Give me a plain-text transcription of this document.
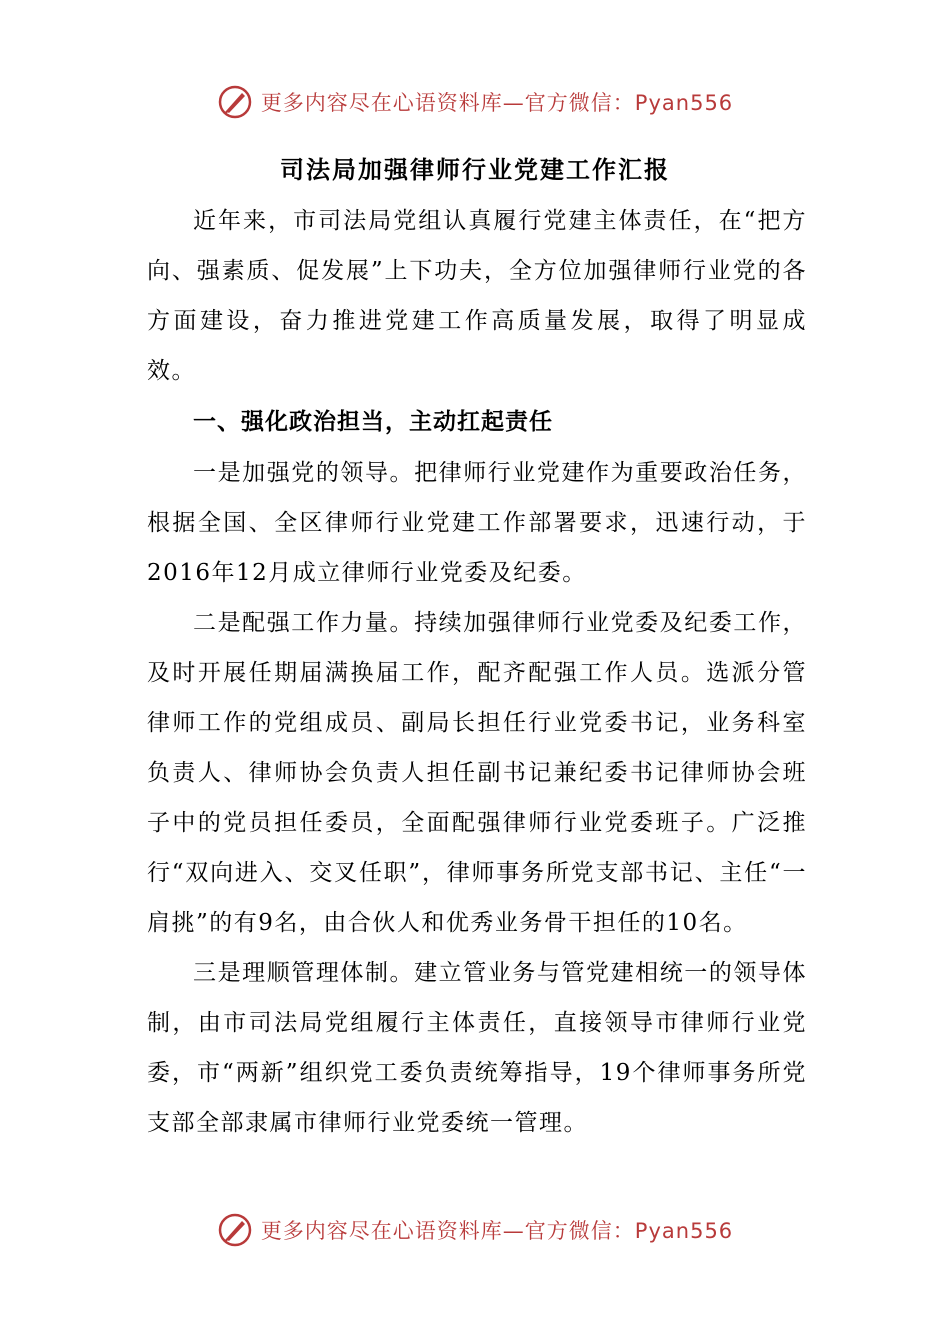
更多内容尽在心语资料库—官方微信：Pyan556
司法局加强律师行业党建工作汇报

近年来，市司法局党组认真履行党建主体责任，在“把方向、强素质、促发展”上下功夫，全方位加强律师行业党的各方面建设，奋力推进党建工作高质量发展，取得了明显成效。

一、强化政治担当，主动扛起责任

一是加强党的领导。把律师行业党建作为重要政治任务，根据全国、全区律师行业党建工作部署要求，迅速行动，于2016年12月成立律师行业党委及纪委。

二是配强工作力量。持续加强律师行业党委及纪委工作，及时开展任期届满换届工作，配齐配强工作人员。选派分管律师工作的党组成员、副局长担任行业党委书记，业务科室负责人、律师协会负责人担任副书记兼纪委书记律师协会班子中的党员担任委员，全面配强律师行业党委班子。广泛推行“双向进入、交叉任职”，律师事务所党支部书记、主任“一肩挑”的有9名，由合伙人和优秀业务骨干担任的10名。

三是理顺管理体制。建立管业务与管党建相统一的领导体制，由市司法局党组履行主体责任，直接领导市律师行业党委，市“两新”组织党工委负责统筹指导，19个律师事务所党支部全部隶属市律师行业党委统一管理。

更多内容尽在心语资料库—官方微信：Pyan556
